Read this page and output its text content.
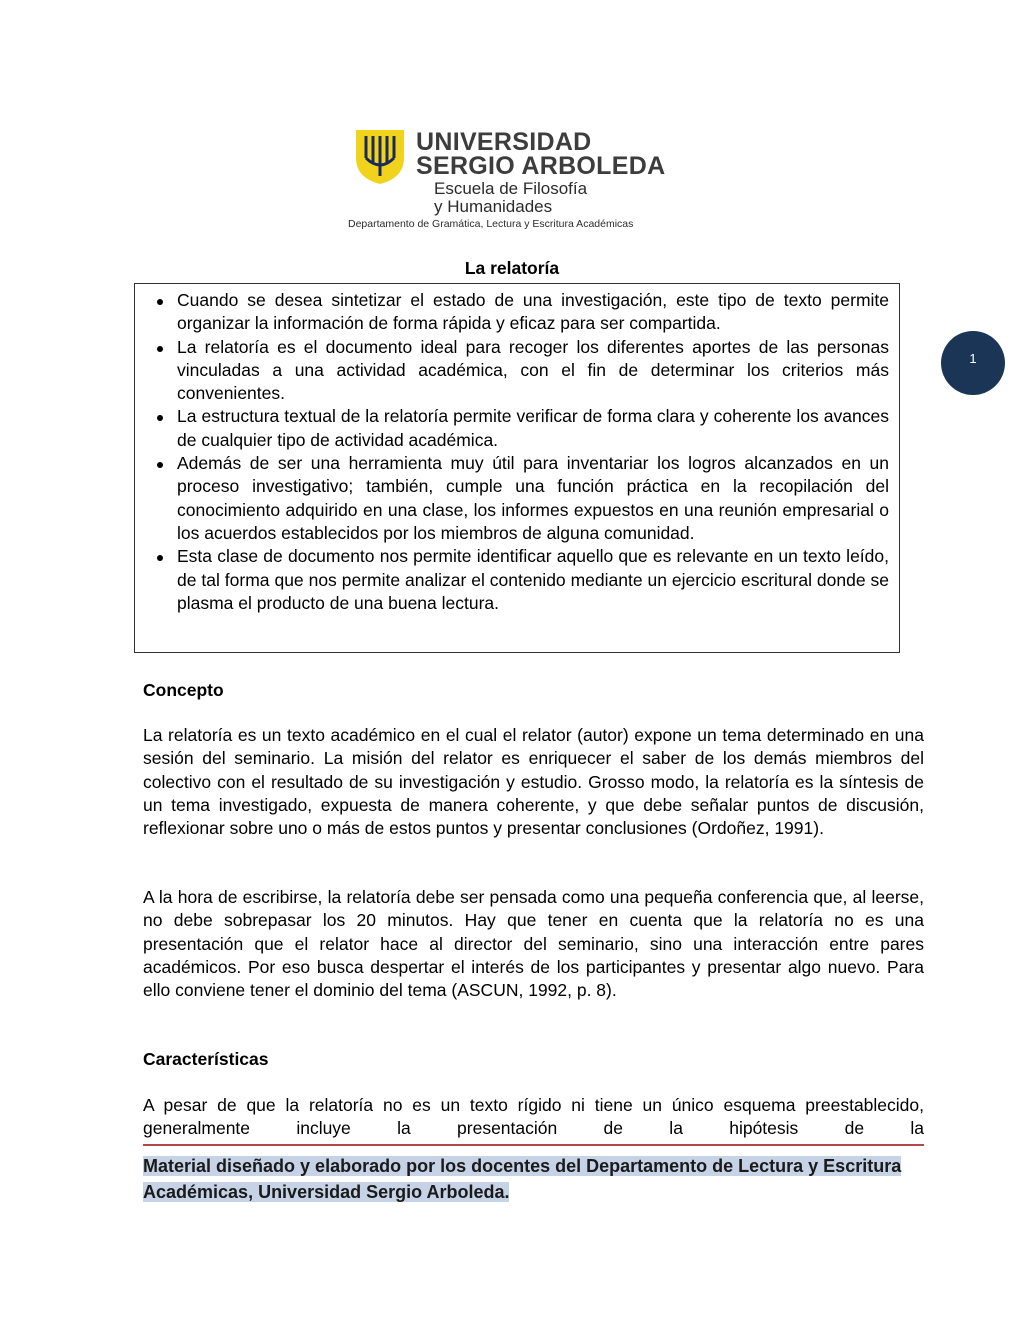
UNIVERSIDAD
SERGIO ARBOLEDA
Escuela de Filosofía
y Humanidades
Departamento de Gramática, Lectura y Escritura Académicas
La relatoría
1
Cuando se desea sintetizar el estado de una investigación, este tipo de texto permite organizar la información de forma rápida y eficaz para ser compartida.
La relatoría es el documento ideal para recoger los diferentes aportes de las personas vinculadas a una actividad académica, con el fin de determinar los criterios más convenientes.
La estructura textual de la relatoría permite verificar de forma clara y coherente los avances de cualquier tipo de actividad académica.
Además de ser una herramienta muy útil para inventariar los logros alcanzados en un proceso investigativo; también, cumple una función práctica en la recopilación del conocimiento adquirido en una clase, los informes expuestos en una reunión empresarial o los acuerdos establecidos por los miembros de alguna comunidad.
Esta clase de documento nos permite identificar aquello que es relevante en un texto leído, de tal forma que nos permite analizar el contenido mediante un ejercicio escritural donde se plasma el producto de una buena lectura.
Concepto

La relatoría es un texto académico en el cual el relator (autor) expone un tema determinado en una sesión del seminario. La misión del relator es enriquecer el saber de los demás miembros del colectivo con el resultado de su investigación y estudio. Grosso modo, la relatoría es la síntesis de un tema investigado, expuesta de manera coherente, y que debe señalar puntos de discusión, reflexionar sobre uno o más de estos puntos y presentar conclusiones (Ordoñez, 1991).

A la hora de escribirse, la relatoría debe ser pensada como una pequeña conferencia que, al leerse, no debe sobrepasar los 20 minutos. Hay que tener en cuenta que la relatoría no es una presentación que el relator hace al director del seminario, sino una interacción entre pares académicos. Por eso busca despertar el interés de los participantes y presentar algo nuevo. Para ello conviene tener el dominio del tema (ASCUN, 1992, p. 8).

Características

A pesar de que la relatoría no es un texto rígido ni tiene un único esquema preestablecido, generalmente incluye la presentación de la hipótesis de la

Material diseñado y elaborado por los docentes del Departamento de Lectura y Escritura Académicas, Universidad Sergio Arboleda.
